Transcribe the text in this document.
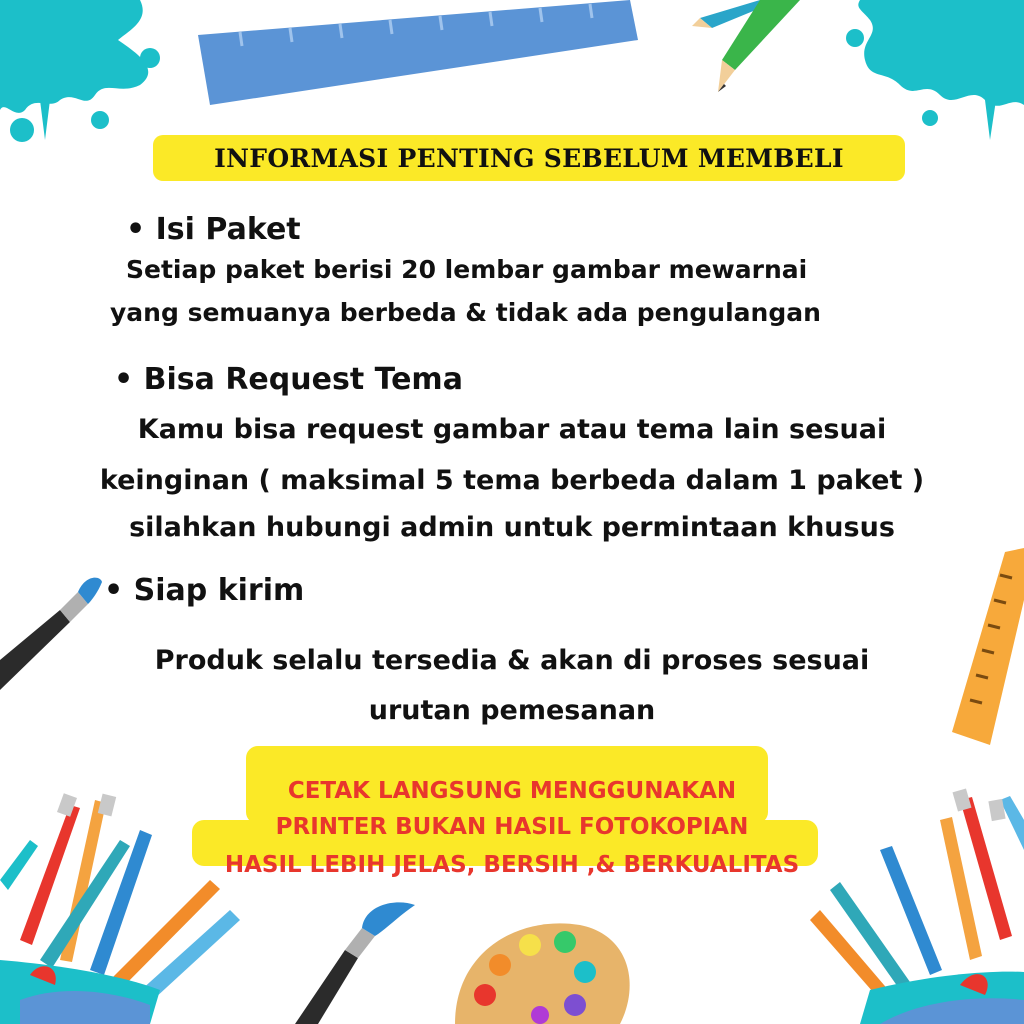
INFORMASI PENTING SEBELUM MEMBELI

• Isi Paket

Setiap paket berisi 20 lembar gambar mewarnai

yang semuanya berbeda & tidak ada pengulangan

• Bisa Request Tema

Kamu bisa request gambar atau tema lain sesuai

keinginan ( maksimal 5 tema berbeda dalam 1 paket )

silahkan hubungi admin untuk permintaan khusus

• Siap kirim

Produk selalu tersedia & akan di proses sesuai

urutan pemesanan

CETAK LANGSUNG MENGGUNAKAN

PRINTER BUKAN HASIL FOTOKOPIAN

HASIL LEBIH JELAS, BERSIH ,& BERKUALITAS
